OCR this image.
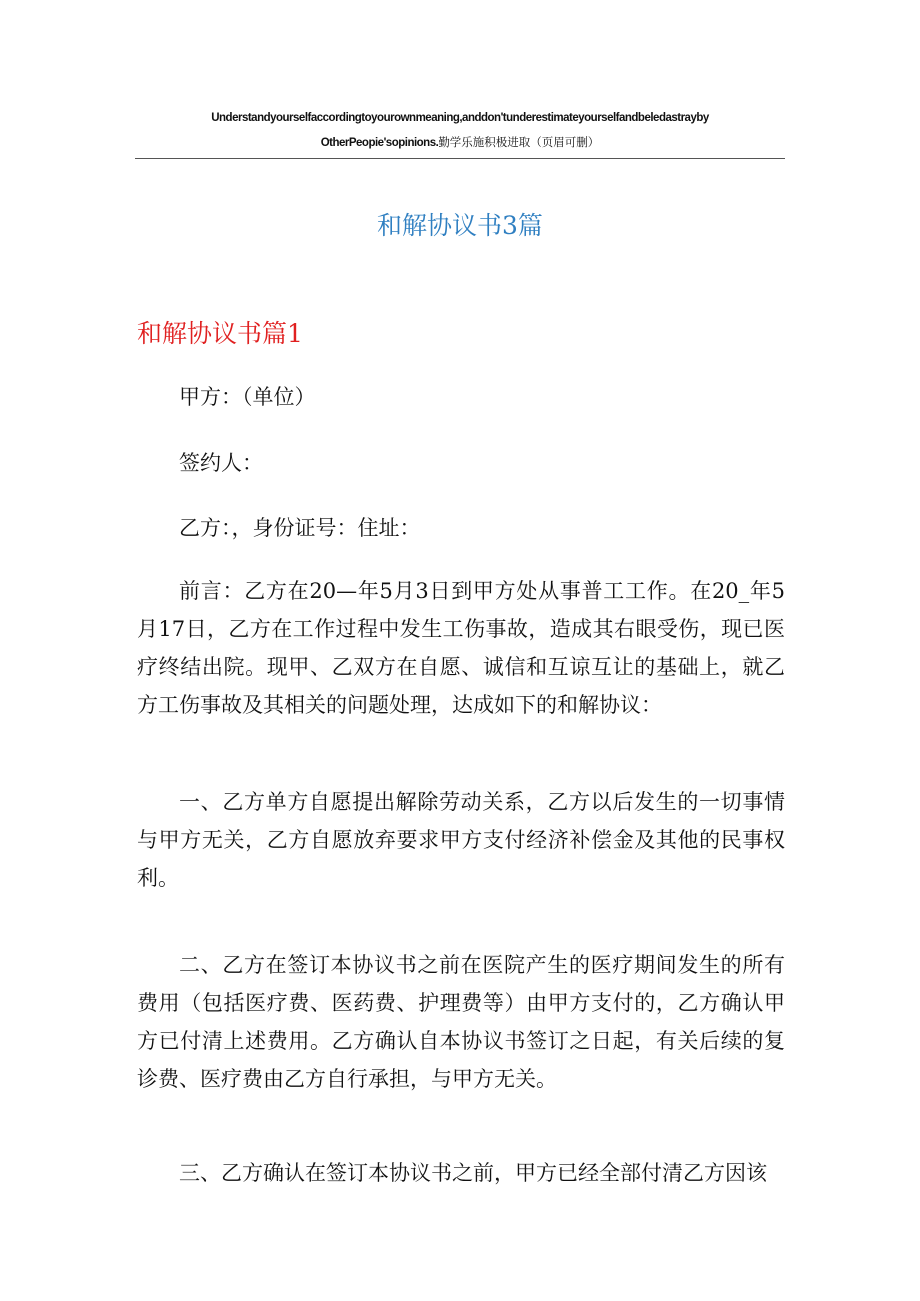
Understandyourselfaccordingtoyourownmeaning,anddon'tunderestimateyourselfandbeledastrayby
OtherPeopie'sopinions.勤学乐施积极进取（页眉可删）
和解协议书3篇
和解协议书篇1
甲方：（单位）
签约人：
乙方：，身份证号：住址：
前言：乙方在20—年5月3日到甲方处从事普工工作。在20_年5月17日，乙方在工作过程中发生工伤事故，造成其右眼受伤，现已医疗终结出院。现甲、乙双方在自愿、诚信和互谅互让的基础上，就乙方工伤事故及其相关的问题处理，达成如下的和解协议：
一、乙方单方自愿提出解除劳动关系，乙方以后发生的一切事情与甲方无关，乙方自愿放弃要求甲方支付经济补偿金及其他的民事权利。
二、乙方在签订本协议书之前在医院产生的医疗期间发生的所有费用（包括医疗费、医药费、护理费等）由甲方支付的，乙方确认甲方已付清上述费用。乙方确认自本协议书签订之日起，有关后续的复诊费、医疗费由乙方自行承担，与甲方无关。
三、乙方确认在签订本协议书之前，甲方已经全部付清乙方因该
